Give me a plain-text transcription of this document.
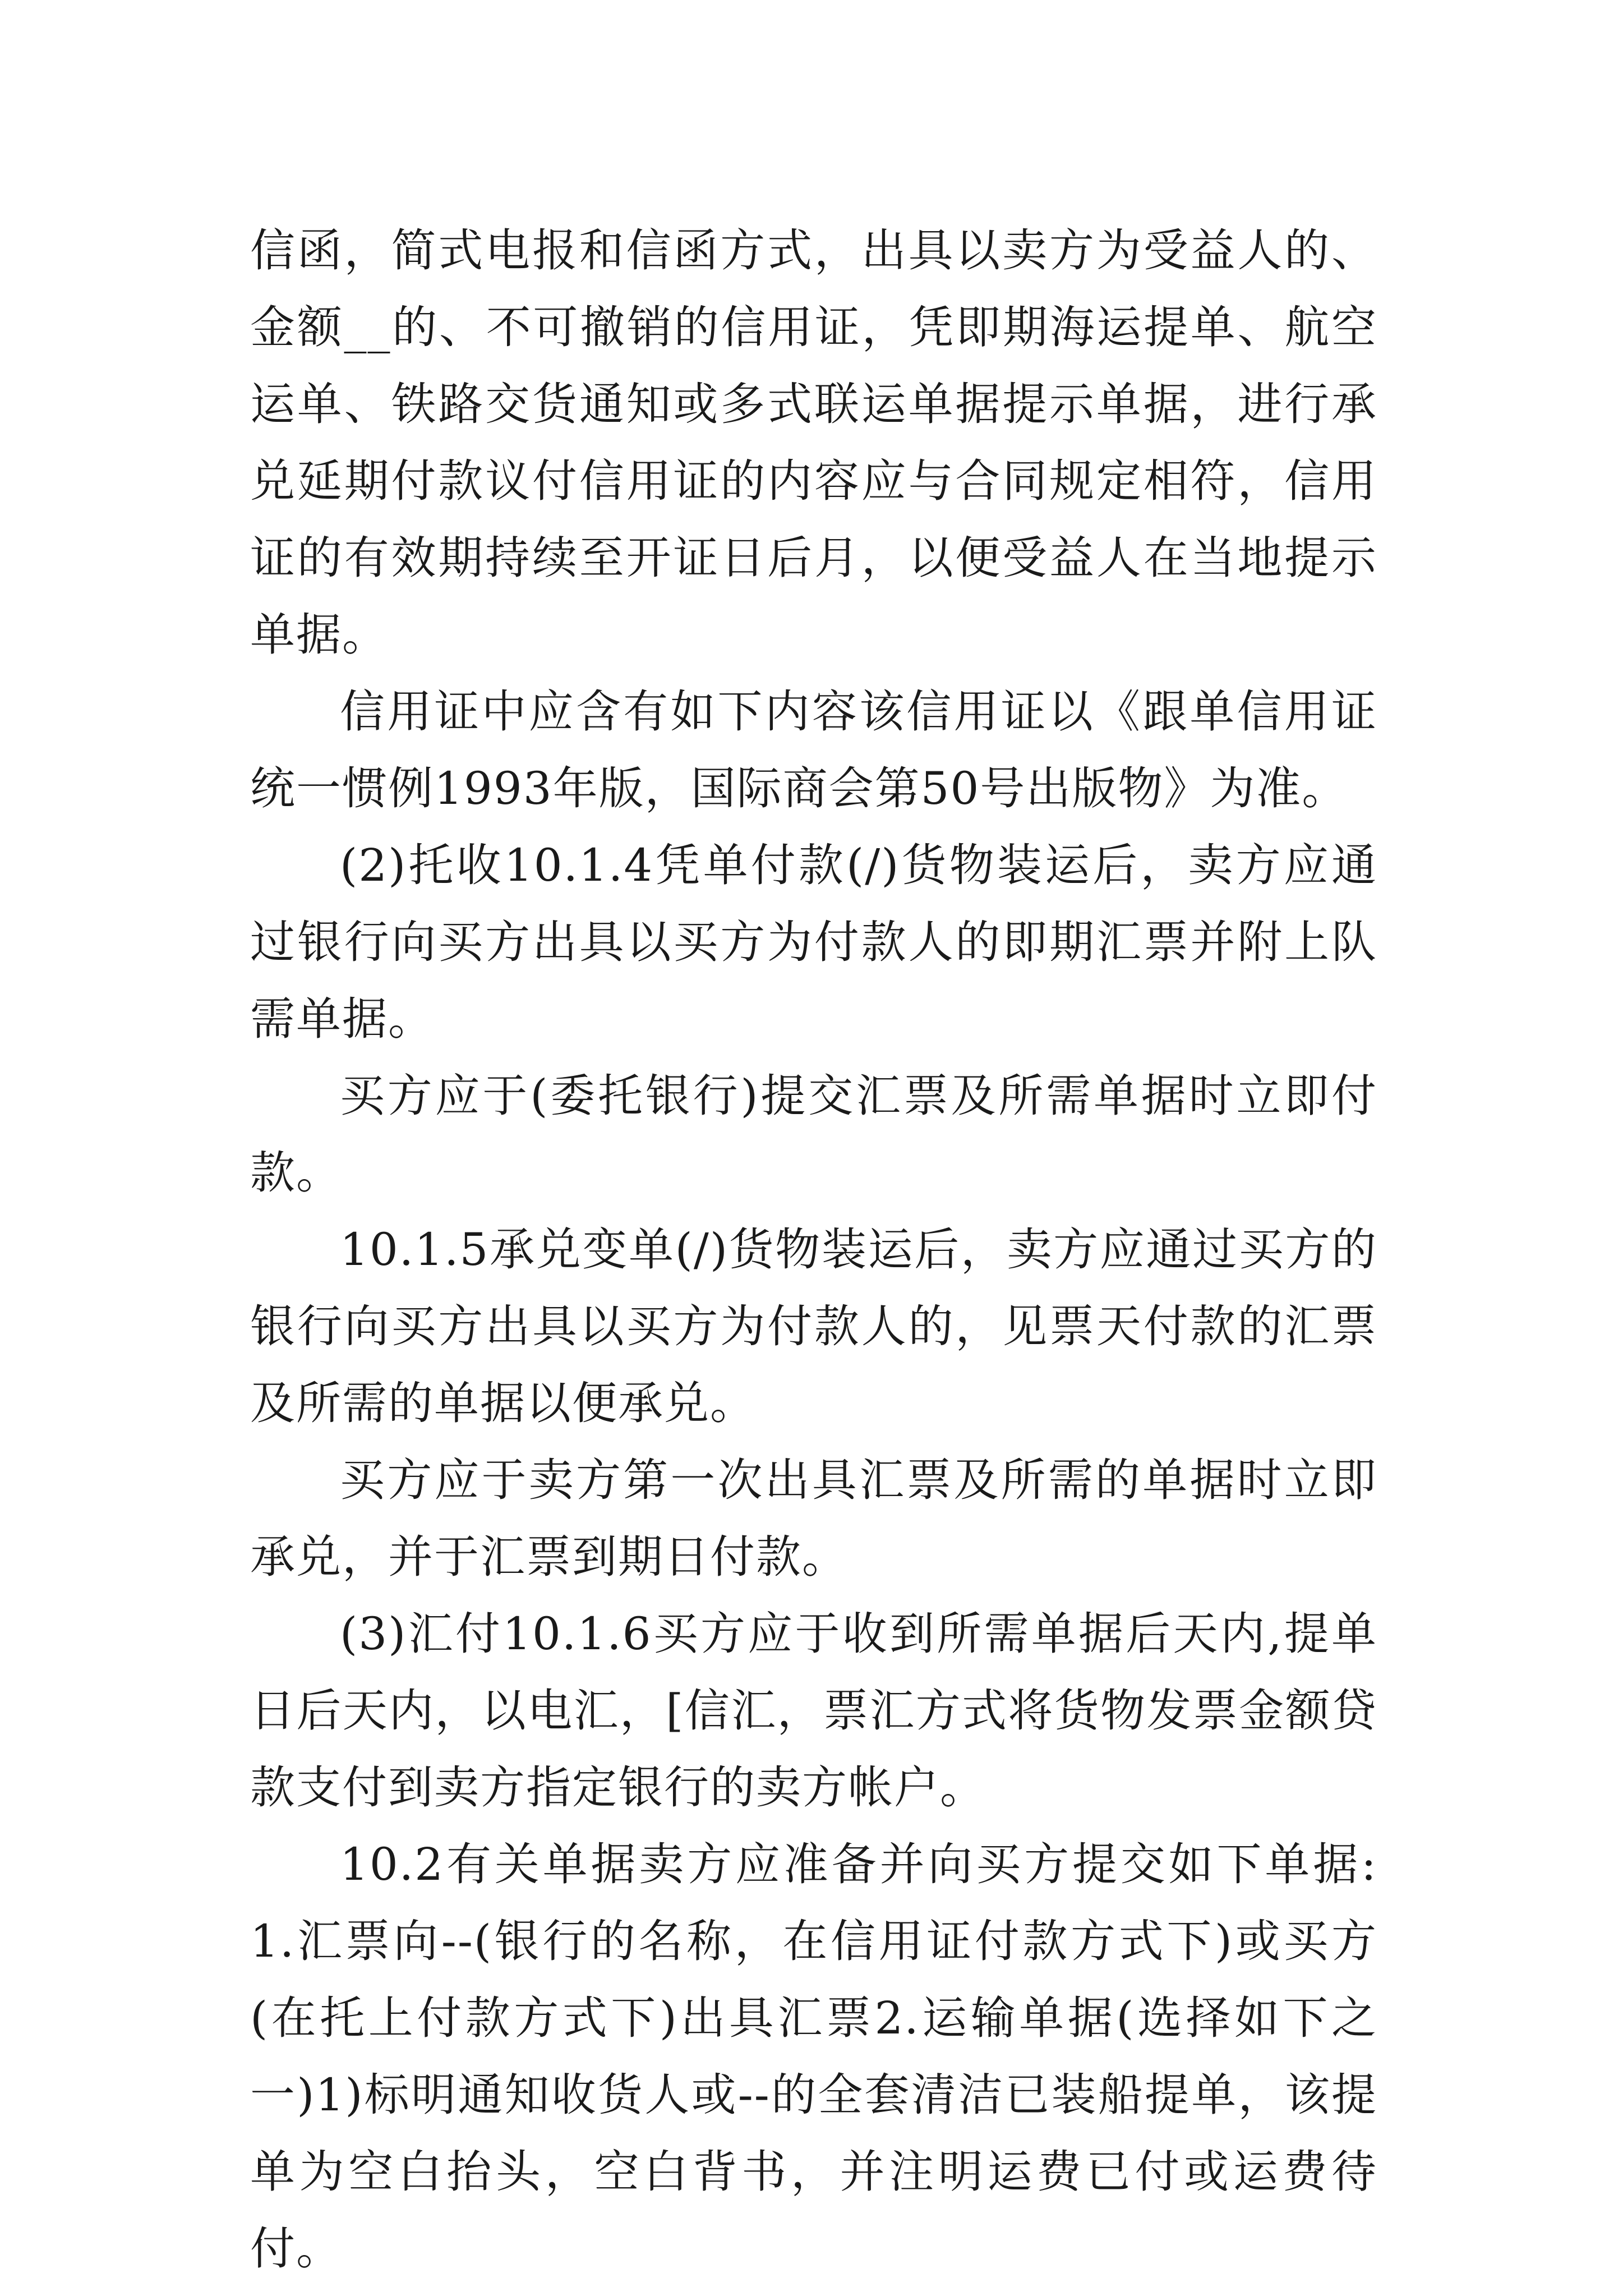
信函，简式电报和信函方式，出具以卖方为受益人的、金额__的、不可撤销的信用证，凭即期海运提单、航空运单、铁路交货通知或多式联运单据提示单据，进行承兑延期付款议付信用证的内容应与合同规定相符，信用证的有效期持续至开证日后月，以便受益人在当地提示单据。

信用证中应含有如下内容该信用证以《跟单信用证统一惯例1993年版，国际商会第50号出版物》为准。

(2)托收10.1.4凭单付款(/)货物装运后，卖方应通过银行向买方出具以买方为付款人的即期汇票并附上队需单据。

买方应于(委托银行)提交汇票及所需单据时立即付款。

10.1.5承兑变单(/)货物装运后，卖方应通过买方的银行向买方出具以买方为付款人的，见票天付款的汇票及所需的单据以便承兑。

买方应于卖方第一次出具汇票及所需的单据时立即承兑，并于汇票到期日付款。

(3)汇付10.1.6买方应于收到所需单据后天内,提单日后天内，以电汇，[信汇，票汇方式将货物发票金额贷款支付到卖方指定银行的卖方帐户。

10.2有关单据卖方应准备并向买方提交如下单据:1.汇票向--(银行的名称，在信用证付款方式下)或买方(在托上付款方式下)出具汇票2.运输单据(选择如下之一)1)标明通知收货人或--的全套清洁已装船提单，该提单为空白抬头，空白背书，并注明运费已付或运费待付。
